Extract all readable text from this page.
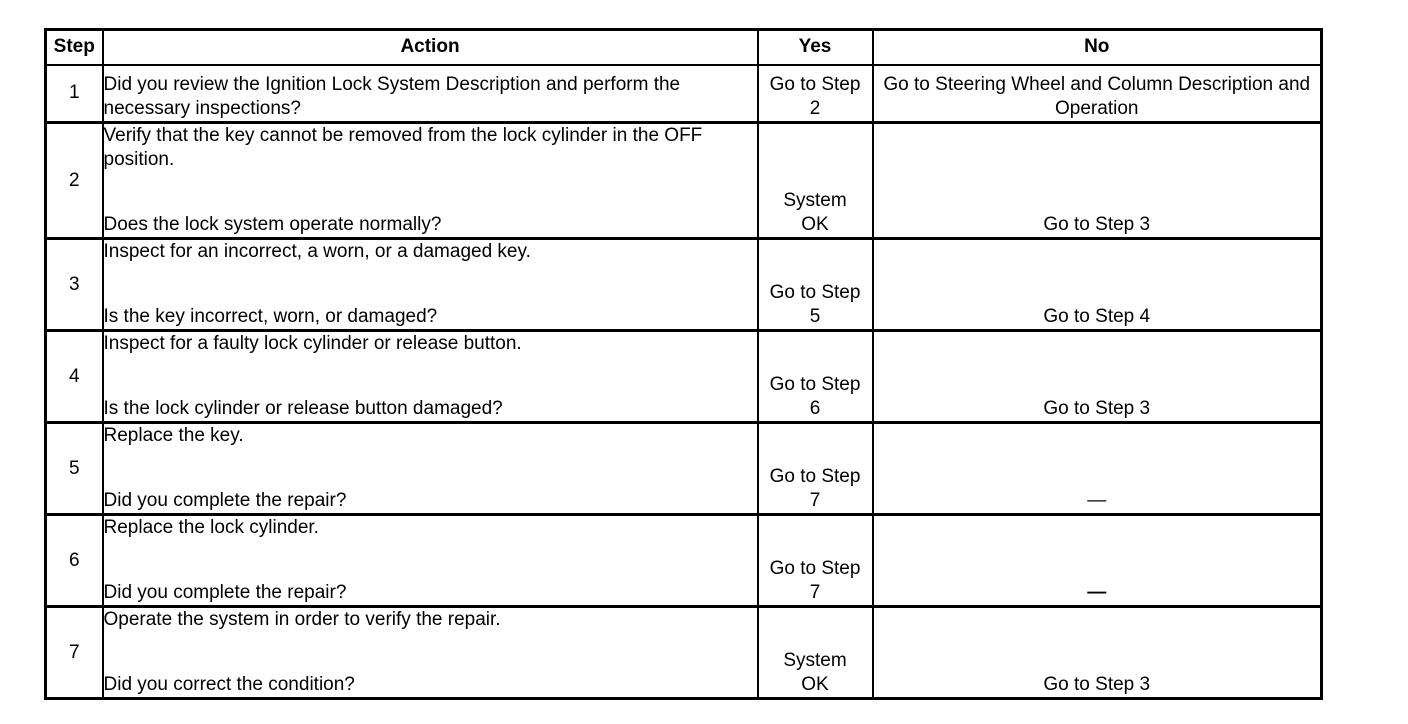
Step	Action	Yes	No
1	Did you review the Ignition Lock System Description and perform the necessary inspections?	Go to Step 2	Go to Steering Wheel and Column Description and Operation

2	Verify that the key cannot be removed from the lock cylinder in the OFF position.
Does the lock system operate normally?	System OK	Go to Step 3

3	Inspect for an incorrect, a worn, or a damaged key.
Is the key incorrect, worn, or damaged?	Go to Step 5	Go to Step 4

4	Inspect for a faulty lock cylinder or release button.
Is the lock cylinder or release button damaged?	Go to Step 6	Go to Step 3

5	Replace the key.
Did you complete the repair?	Go to Step 7	—

6	Replace the lock cylinder.
Did you complete the repair?	Go to Step 7	—

7	Operate the system in order to verify the repair.
Did you correct the condition?	System OK	Go to Step 3
